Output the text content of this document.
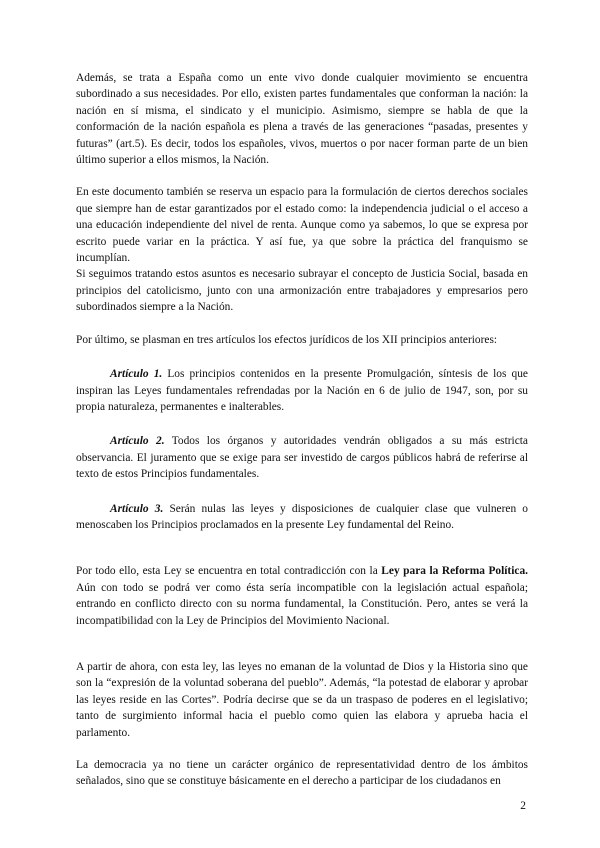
Además, se trata a España como un ente vivo donde cualquier movimiento se encuentra subordinado a sus necesidades. Por ello, existen partes fundamentales que conforman la nación: la nación en sí misma, el sindicato y el municipio. Asimismo, siempre se habla de que la conformación de la nación española es plena a través de las generaciones “pasadas, presentes y futuras” (art.5). Es decir, todos los españoles, vivos, muertos o por nacer forman parte de un bien último superior a ellos mismos, la Nación.

En este documento también se reserva un espacio para la formulación de ciertos derechos sociales que siempre han de estar garantizados por el estado como: la independencia judicial o el acceso a una educación independiente del nivel de renta. Aunque como ya sabemos, lo que se expresa por escrito puede variar en la práctica. Y así fue, ya que sobre la práctica del franquismo se incumplían.

Si seguimos tratando estos asuntos es necesario subrayar el concepto de Justicia Social, basada en principios del catolicismo, junto con una armonización entre trabajadores y empresarios pero subordinados siempre a la Nación.

Por último, se plasman en tres artículos los efectos jurídicos de los XII principios anteriores:

Artículo 1. Los principios contenidos en la presente Promulgación, síntesis de los que inspiran las Leyes fundamentales refrendadas por la Nación en 6 de julio de 1947, son, por su propia naturaleza, permanentes e inalterables.

Artículo 2. Todos los órganos y autoridades vendrán obligados a su más estricta observancia. El juramento que se exige para ser investido de cargos públicos habrá de referirse al texto de estos Principios fundamentales.

Artículo 3. Serán nulas las leyes y disposiciones de cualquier clase que vulneren o menoscaben los Principios proclamados en la presente Ley fundamental del Reino.

Por todo ello, esta Ley se encuentra en total contradicción con la Ley para la Reforma Política. Aún con todo se podrá ver como ésta sería incompatible con la legislación actual española; entrando en conflicto directo con su norma fundamental, la Constitución. Pero, antes se verá la incompatibilidad con la Ley de Principios del Movimiento Nacional.

A partir de ahora, con esta ley, las leyes no emanan de la voluntad de Dios y la Historia sino que son la “expresión de la voluntad soberana del pueblo”. Además, “la potestad de elaborar y aprobar las leyes reside en las Cortes”. Podría decirse que se da un traspaso de poderes en el legislativo; tanto de surgimiento informal hacia el pueblo como quien las elabora y aprueba hacia el parlamento.

La democracia ya no tiene un carácter orgánico de representatividad dentro de los ámbitos señalados, sino que se constituye básicamente en el derecho a participar de los ciudadanos en

2
